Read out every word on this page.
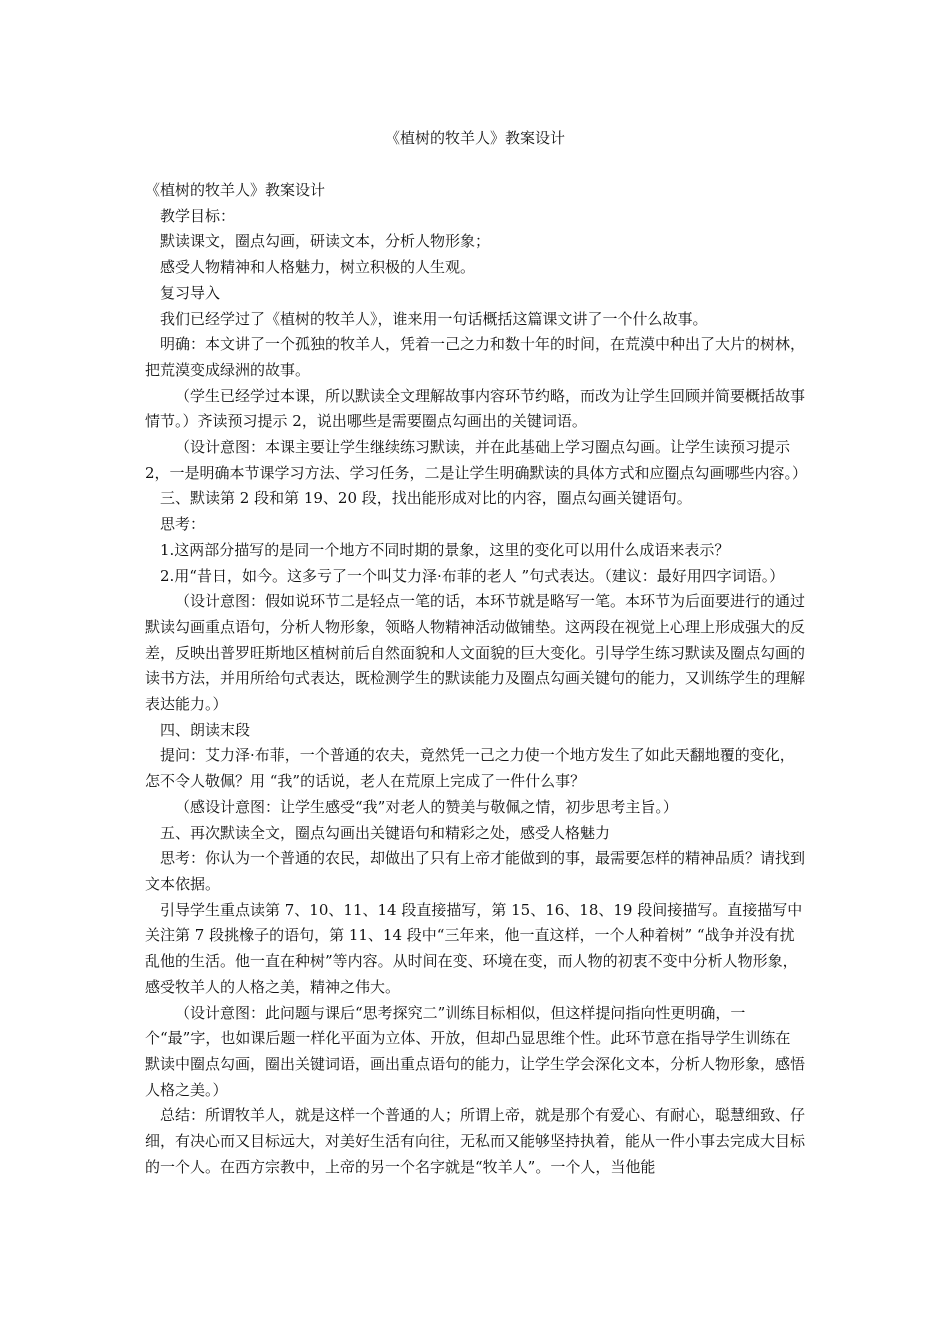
《植树的牧羊人》教案设计

《植树的牧羊人》教案设计

教学目标：

默读课文，圈点勾画，研读文本，分析人物形象；

感受人物精神和人格魅力，树立积极的人生观。

复习导入

我们已经学过了《植树的牧羊人》，谁来用一句话概括这篇课文讲了一个什么故事。

明确：本文讲了一个孤独的牧羊人，凭着一己之力和数十年的时间，在荒漠中种出了大片的树林，把荒漠变成绿洲的故事。

（学生已经学过本课，所以默读全文理解故事内容环节约略，而改为让学生回顾并简要概括故事情节。）齐读预习提示 2，说出哪些是需要圈点勾画出的关键词语。

（设计意图：本课主要让学生继续练习默读，并在此基础上学习圈点勾画。让学生读预习提示 2，一是明确本节课学习方法、学习任务，二是让学生明确默读的具体方式和应圈点勾画哪些内容。）

三、默读第 2 段和第 19、20 段，找出能形成对比的内容，圈点勾画关键语句。

思考：

1.这两部分描写的是同一个地方不同时期的景象，这里的变化可以用什么成语来表示？

2.用“昔日，如今。这多亏了一个叫艾力泽·布菲的老人 ”句式表达。（建议：最好用四字词语。）

（设计意图：假如说环节二是轻点一笔的话，本环节就是略写一笔。本环节为后面要进行的通过默读勾画重点语句，分析人物形象，领略人物精神活动做铺垫。这两段在视觉上心理上形成强大的反差，反映出普罗旺斯地区植树前后自然面貌和人文面貌的巨大变化。引导学生练习默读及圈点勾画的读书方法，并用所给句式表达，既检测学生的默读能力及圈点勾画关键句的能力，又训练学生的理解表达能力。）

四、朗读末段

提问：艾力泽·布菲，一个普通的农夫，竟然凭一己之力使一个地方发生了如此天翻地覆的变化，怎不令人敬佩？用 “我”的话说，老人在荒原上完成了一件什么事？

（感设计意图：让学生感受“我”对老人的赞美与敬佩之情，初步思考主旨。）

五、再次默读全文，圈点勾画出关键语句和精彩之处，感受人格魅力

思考：你认为一个普通的农民，却做出了只有上帝才能做到的事，最需要怎样的精神品质？请找到文本依据。

引导学生重点读第 7、10、11、14 段直接描写，第 15、16、18、19 段间接描写。直接描写中关注第 7 段挑橡子的语句，第 11、14 段中“三年来，他一直这样，一个人种着树” “战争并没有扰乱他的生活。他一直在种树”等内容。从时间在变、环境在变，而人物的初衷不变中分析人物形象，感受牧羊人的人格之美，精神之伟大。

（设计意图：此问题与课后“思考探究二”训练目标相似，但这样提问指向性更明确，一个“最”字，也如课后题一样化平面为立体、开放，但却凸显思维个性。此环节意在指导学生训练在默读中圈点勾画，圈出关键词语，画出重点语句的能力，让学生学会深化文本，分析人物形象，感悟人格之美。）

总结：所谓牧羊人，就是这样一个普通的人；所谓上帝，就是那个有爱心、有耐心，聪慧细致、仔细，有决心而又目标远大，对美好生活有向往，无私而又能够坚持执着，能从一件小事去完成大目标的一个人。在西方宗教中，上帝的另一个名字就是“牧羊人”。一个人，当他能
